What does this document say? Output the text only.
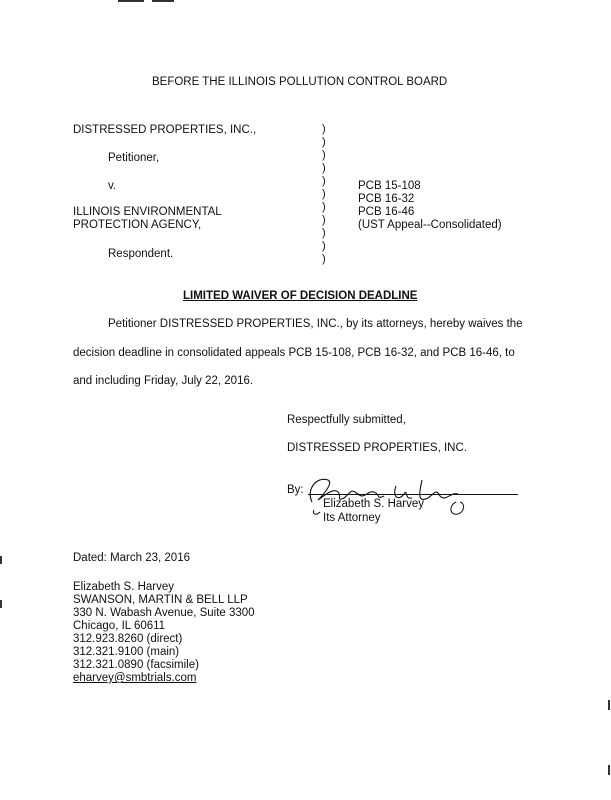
BEFORE THE ILLINOIS POLLUTION CONTROL BOARD
DISTRESSED PROPERTIES, INC.,
Petitioner,
v.
ILLINOIS ENVIRONMENTAL
PROTECTION AGENCY,
Respondent.
)
)
)
)
)
)
)
)
)
)
)
PCB 15-108
PCB 16-32
PCB 16-46
(UST Appeal--Consolidated)
LIMITED WAIVER OF DECISION DEADLINE
Petitioner DISTRESSED PROPERTIES, INC., by its attorneys, hereby waives the
decision deadline in consolidated appeals PCB 15-108, PCB 16-32, and PCB 16-46, to
and including Friday, July 22, 2016.
Respectfully submitted,
DISTRESSED PROPERTIES, INC.
By:
Elizabeth S. Harvey
Its Attorney
Dated: March 23, 2016
Elizabeth S. Harvey
SWANSON, MARTIN & BELL LLP
330 N. Wabash Avenue, Suite 3300
Chicago, IL 60611
312.923.8260 (direct)
312.321.9100 (main)
312.321.0890 (facsimile)
eharvey@smbtrials.com
